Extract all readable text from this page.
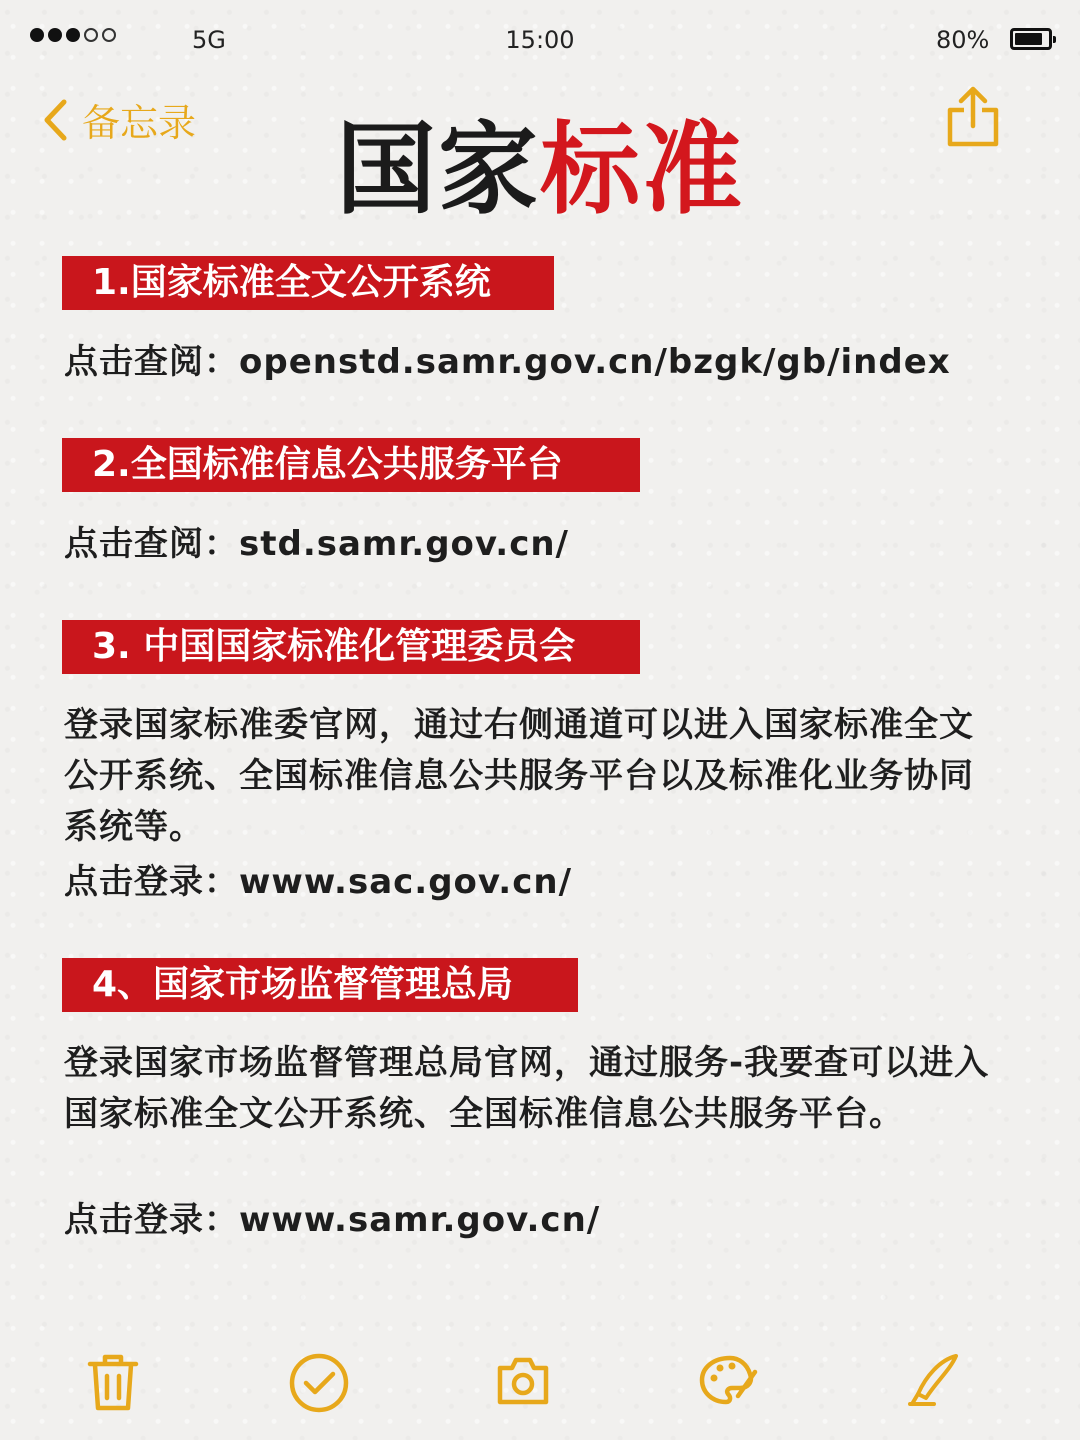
5G	15:00	80%
备忘录	国家标准
1.国家标准全文公开系统
点击查阅：openstd.samr.gov.cn/bzgk/gb/index
2.全国标准信息公共服务平台
点击查阅：std.samr.gov.cn/
3. 中国国家标准化管理委员会
登录国家标准委官网，通过右侧通道可以进入国家标准全文公开系统、全国标准信息公共服务平台以及标准化业务协同系统等。
点击登录：www.sac.gov.cn/
4、国家市场监督管理总局
登录国家市场监督管理总局官网，通过服务-我要查可以进入国家标准全文公开系统、全国标准信息公共服务平台。
点击登录：www.samr.gov.cn/
